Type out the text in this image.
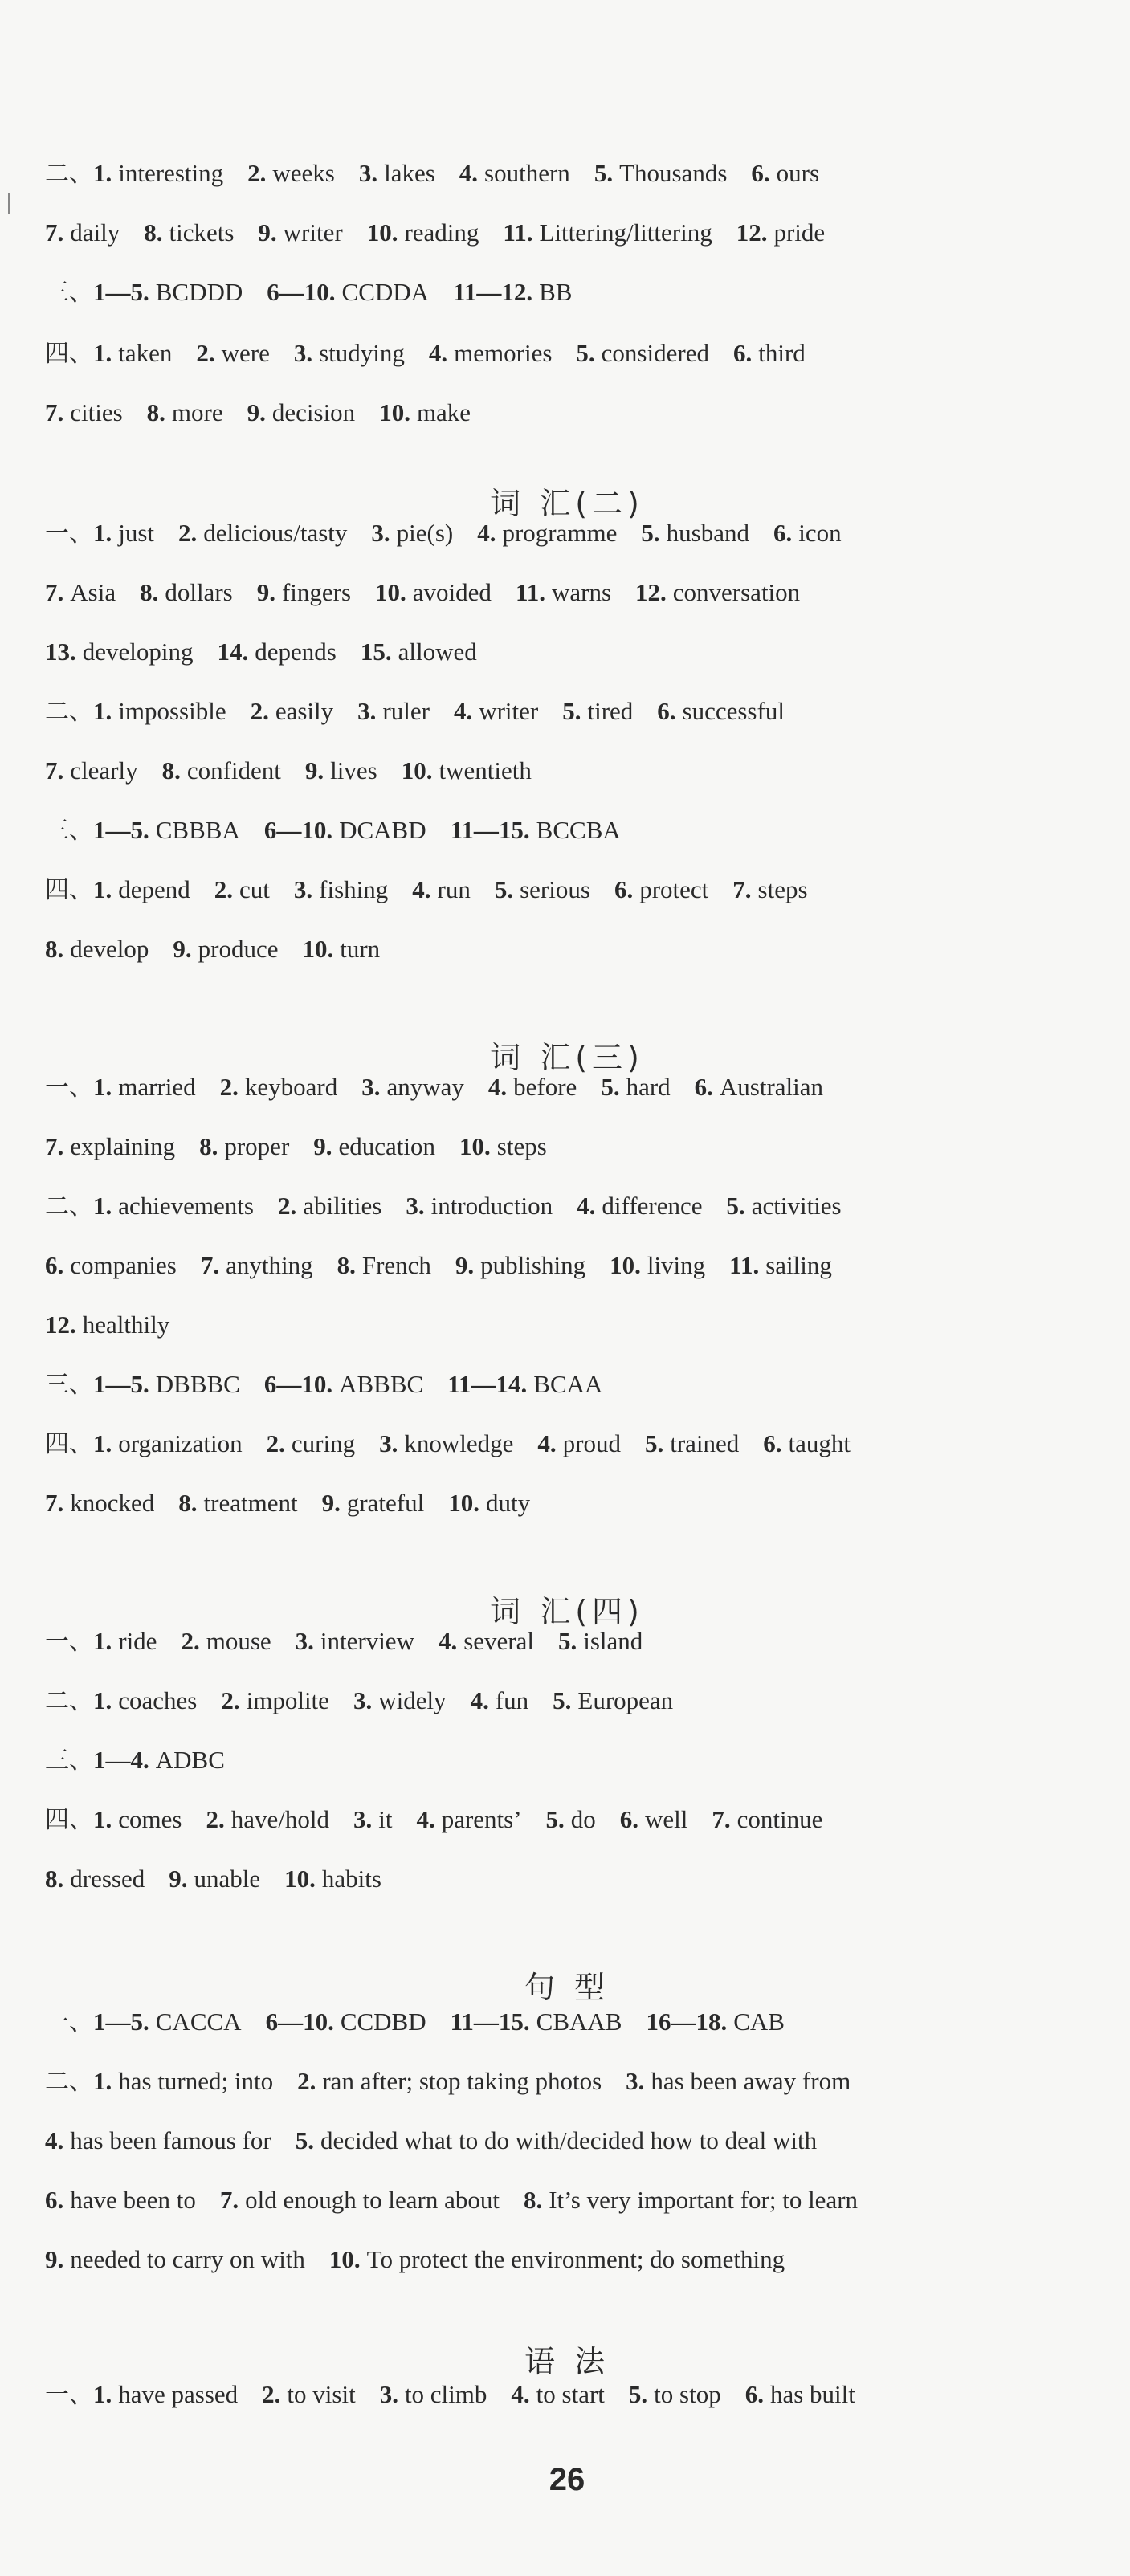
词 汇(二)
词 汇(三)
词 汇(四)
句 型
语 法
二、1. interesting 2. weeks 3. lakes 4. southern 5. Thousands 6. ours
7. daily 8. tickets 9. writer 10. reading 11. Littering/littering 12. pride
三、1—5. BCDDD 6—10. CCDDA 11—12. BB
四、1. taken 2. were 3. studying 4. memories 5. considered 6. third
7. cities 8. more 9. decision 10. make
一、1. just 2. delicious/tasty 3. pie(s) 4. programme 5. husband 6. icon
7. Asia 8. dollars 9. fingers 10. avoided 11. warns 12. conversation
13. developing 14. depends 15. allowed
二、1. impossible 2. easily 3. ruler 4. writer 5. tired 6. successful
7. clearly 8. confident 9. lives 10. twentieth
三、1—5. CBBBA 6—10. DCABD 11—15. BCCBA
四、1. depend 2. cut 3. fishing 4. run 5. serious 6. protect 7. steps
8. develop 9. produce 10. turn
一、1. married 2. keyboard 3. anyway 4. before 5. hard 6. Australian
7. explaining 8. proper 9. education 10. steps
二、1. achievements 2. abilities 3. introduction 4. difference 5. activities
6. companies 7. anything 8. French 9. publishing 10. living 11. sailing
12. healthily
三、1—5. DBBBC 6—10. ABBBC 11—14. BCAA
四、1. organization 2. curing 3. knowledge 4. proud 5. trained 6. taught
7. knocked 8. treatment 9. grateful 10. duty
一、1. ride 2. mouse 3. interview 4. several 5. island
二、1. coaches 2. impolite 3. widely 4. fun 5. European
三、1—4. ADBC
四、1. comes 2. have/hold 3. it 4. parents’ 5. do 6. well 7. continue
8. dressed 9. unable 10. habits
一、1—5. CACCA 6—10. CCDBD 11—15. CBAAB 16—18. CAB
二、1. has turned; into 2. ran after; stop taking photos 3. has been away from
4. has been famous for 5. decided what to do with/decided how to deal with
6. have been to 7. old enough to learn about 8. It’s very important for; to learn
9. needed to carry on with 10. To protect the environment; do something
一、1. have passed 2. to visit 3. to climb 4. to start 5. to stop 6. has built
26
